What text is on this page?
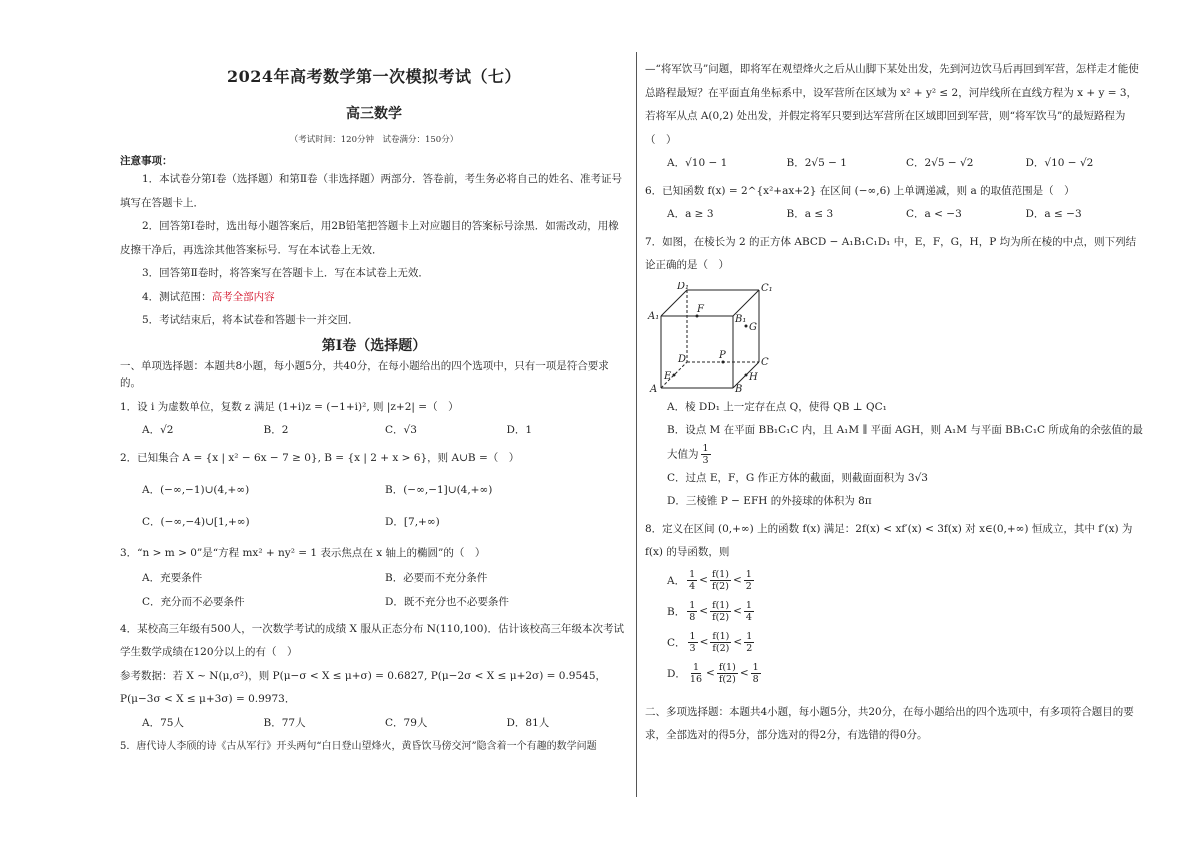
2024年高考数学第一次模拟考试（七）
高三数学
（考试时间：120分钟　试卷满分：150分）
注意事项：

1．本试卷分第Ⅰ卷（选择题）和第Ⅱ卷（非选择题）两部分．答卷前，考生务必将自己的姓名、准考证号填写在答题卡上．

2．回答第Ⅰ卷时，选出每小题答案后，用2B铅笔把答题卡上对应题目的答案标号涂黑．如需改动，用橡皮擦干净后，再选涂其他答案标号．写在本试卷上无效．

3．回答第Ⅱ卷时，将答案写在答题卡上．写在本试卷上无效．

4．测试范围：高考全部内容

5．考试结束后，将本试卷和答题卡一并交回．

第Ⅰ卷（选择题）

一、单项选择题：本题共8小题，每小题5分，共40分，在每小题给出的四个选项中，只有一项是符合要求的。

1．设 i 为虚数单位，复数 z 满足 (1+i)z = (−1+i)², 则 |z+2| =（　）

A．√2	B．2	C．√3	D．1

2．已知集合 A = {x | x² − 6x − 7 ≥ 0}, B = {x | 2 + x > 6}，则 A∪B =（　）

A．(−∞,−1)∪(4,+∞)	B．(−∞,−1]∪(4,+∞)
C．(−∞,−4)∪[1,+∞)	D．[7,+∞)

3．“n > m > 0”是“方程 mx² + ny² = 1 表示焦点在 x 轴上的椭圆”的（　）

A．充要条件	B．必要而不充分条件
C．充分而不必要条件	D．既不充分也不必要条件

4．某校高三年级有500人，一次数学考试的成绩 X 服从正态分布 N(110,100)．估计该校高三年级本次考试学生数学成绩在120分以上的有（　）

参考数据：若 X ~ N(μ,σ²)，则 P(μ−σ < X ≤ μ+σ) = 0.6827, P(μ−2σ < X ≤ μ+2σ) = 0.9545，

P(μ−3σ < X ≤ μ+3σ) = 0.9973．

A．75人	B．77人	C．79人	D．81人

5．唐代诗人李颀的诗《古从军行》开头两句“白日登山望烽火，黄昏饮马傍交河”隐含着一个有趣的数学问题

—“将军饮马”问题，即将军在观望烽火之后从山脚下某处出发，先到河边饮马后再回到军营，怎样走才能使总路程最短？在平面直角坐标系中，设军营所在区域为 x² + y² ≤ 2，河岸线所在直线方程为 x + y = 3，若将军从点 A(0,2) 处出发，并假定将军只要到达军营所在区域即回到军营，则“将军饮马”的最短路程为（　）

A．√10 − 1	B．2√5 − 1	C．2√5 − √2	D．√10 − √2

6．已知函数 f(x) = 2^{x²+ax+2} 在区间 (−∞,6) 上单调递减，则 a 的取值范围是（　）

A．a ≥ 3	B．a ≤ 3	C．a < −3	D．a ≤ −3

7．如图，在棱长为 2 的正方体 ABCD − A₁B₁C₁D₁ 中，E，F，G，H，P 均为所在棱的中点，则下列结论正确的是（　）

D₁	C₁
A₁	B₁
F
G
D	P
C
E	H
A	B

A．棱 DD₁ 上一定存在点 Q，使得 QB ⊥ QC₁

B．设点 M 在平面 BB₁C₁C 内，且 A₁M ∥ 平面 AGH，则 A₁M 与平面 BB₁C₁C 所成角的余弦值的最大值为 $\frac{1}{3}$

C．过点 E，F，G 作正方体的截面，则截面面积为 3√3

D．三棱锥 P − EFH 的外接球的体积为 8π

8．定义在区间 (0,+∞) 上的函数 f(x) 满足：2f(x) < xf′(x) < 3f(x) 对 x∈(0,+∞) 恒成立，其中 f′(x) 为 f(x) 的导函数，则

A． $\frac{1}{4} < \frac{f(1)}{f(2)} < \frac{1}{2}$
B． $\frac{1}{8} < \frac{f(1)}{f(2)} < \frac{1}{4}$
C． $\frac{1}{3} < \frac{f(1)}{f(2)} < \frac{1}{2}$
D． $\frac{1}{16} < \frac{f(1)}{f(2)} < \frac{1}{8}$

二、多项选择题：本题共4小题，每小题5分，共20分，在每小题给出的四个选项中，有多项符合题目的要求，全部选对的得5分，部分选对的得2分，有选错的得0分。
